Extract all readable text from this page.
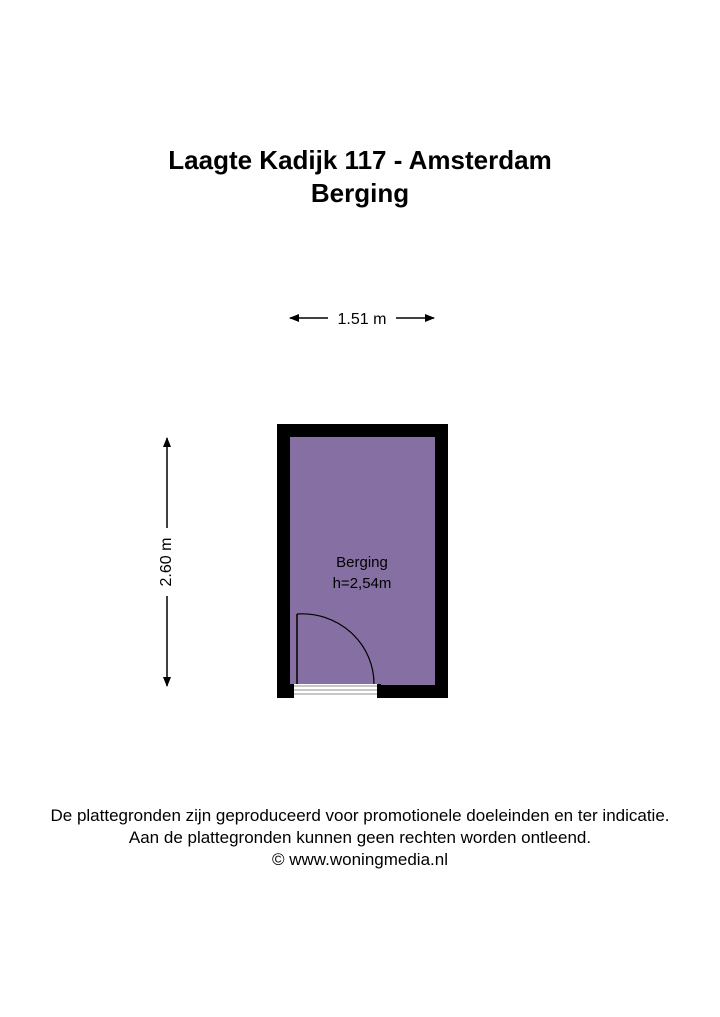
Laagte Kadijk 117 - Amsterdam
Berging
1.51 m
2.60 m	Berging
h=2,54m
De plattegronden zijn geproduceerd voor promotionele doeleinden en ter indicatie.
Aan de plattegronden kunnen geen rechten worden ontleend.
© www.woningmedia.nl
